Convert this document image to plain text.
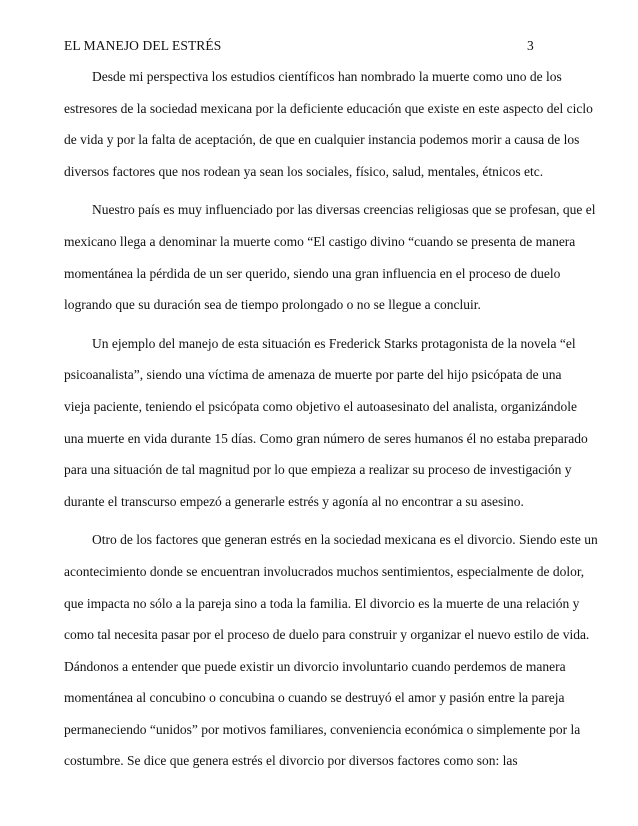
EL MANEJO DEL ESTRÉS	3
Desde mi perspectiva los estudios científicos han nombrado la muerte como uno de los
estresores de la sociedad mexicana por la deficiente educación que existe en este aspecto del ciclo
de vida y por la falta de aceptación, de que en cualquier instancia podemos morir a causa de los
diversos factores que nos rodean ya sean los sociales, físico, salud, mentales, étnicos etc.
Nuestro país es muy influenciado por las diversas creencias religiosas que se profesan, que el
mexicano llega a denominar la muerte como “El castigo divino “cuando se presenta de manera
momentánea la pérdida de un ser querido, siendo una gran influencia en el proceso de duelo
logrando que su duración sea de tiempo prolongado o no se llegue a concluir.
Un ejemplo del manejo de esta situación es Frederick Starks protagonista de la novela “el
psicoanalista”, siendo una víctima de amenaza de muerte por parte del hijo psicópata de una
vieja paciente, teniendo el psicópata como objetivo el autoasesinato del analista, organizándole
una muerte en vida durante 15 días. Como gran número de seres humanos él no estaba preparado
para una situación de tal magnitud por lo que empieza a realizar su proceso de investigación y
durante el transcurso empezó a generarle estrés y agonía al no encontrar a su asesino.
Otro de los factores que generan estrés en la sociedad mexicana es el divorcio. Siendo este un
acontecimiento donde se encuentran involucrados muchos sentimientos, especialmente de dolor,
que impacta no sólo a la pareja sino a toda la familia. El divorcio es la muerte de una relación y
como tal necesita pasar por el proceso de duelo para construir y organizar el nuevo estilo de vida.
Dándonos a entender que puede existir un divorcio involuntario cuando perdemos de manera
momentánea al concubino o concubina o cuando se destruyó el amor y pasión entre la pareja
permaneciendo “unidos” por motivos familiares, conveniencia económica o simplemente por la
costumbre. Se dice que genera estrés el divorcio por diversos factores como son: las
